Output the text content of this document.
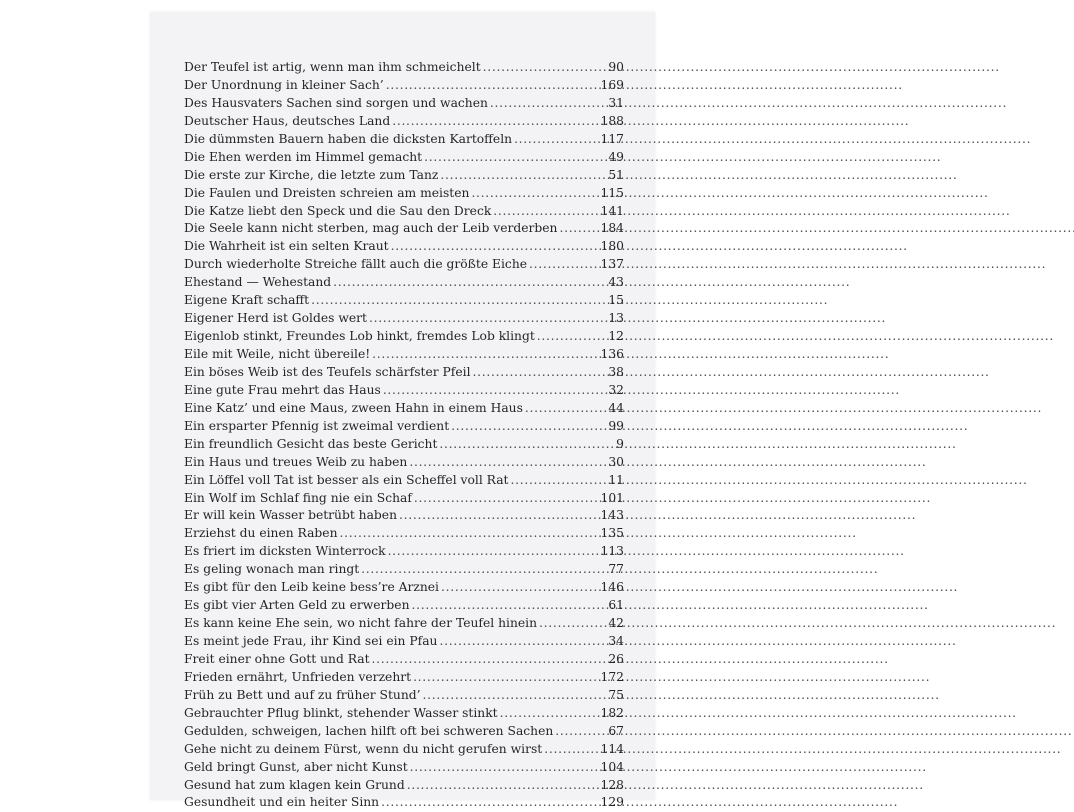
Der Teufel ist artig, wenn man ihm schmeichelt . . .	90
Der Unordnung in kleiner Sach’ . . .	169
Des Hausvaters Sachen sind sorgen und wachen . . .	31
Deutscher Haus, deutsches Land . . .	188
Die dümmsten Bauern haben die dicksten Kartoffeln . . .	117
Die Ehen werden im Himmel gemacht . . .	49
Die erste zur Kirche, die letzte zum Tanz . . .	51
Die Faulen und Dreisten schreien am meisten . . .	115
Die Katze liebt den Speck und die Sau den Dreck . . .	141
Die Seele kann nicht sterben, mag auch der Leib verderben . . .	184
Die Wahrheit ist ein selten Kraut . . .	180
Durch wiederholte Streiche fällt auch die größte Eiche . . .	137
Ehestand — Wehestand . . .	43
Eigene Kraft schafft . . .	15
Eigener Herd ist Goldes wert . . .	13
Eigenlob stinkt, Freundes Lob hinkt, fremdes Lob klingt . . .	12
Eile mit Weile, nicht übereile! . . .	136
Ein böses Weib ist des Teufels schärfster Pfeil . . .	38
Eine gute Frau mehrt das Haus . . .	32
Eine Katz’ und eine Maus, zween Hahn in einem Haus . . .	44
Ein ersparter Pfennig ist zweimal verdient . . .	99
Ein freundlich Gesicht das beste Gericht . . .	9
Ein Haus und treues Weib zu haben . . .	30
Ein Löffel voll Tat ist besser als ein Scheffel voll Rat . . .	11
Ein Wolf im Schlaf fing nie ein Schaf . . .	101
Er will kein Wasser betrübt haben . . .	143
Erziehst du einen Raben . . .	135
Es friert im dicksten Winterrock . . .	113
Es geling wonach man ringt . . .	77
Es gibt für den Leib keine bess’re Arznei . . .	146
Es gibt vier Arten Geld zu erwerben . . .	61
Es kann keine Ehe sein, wo nicht fahre der Teufel hinein . . .	42
Es meint jede Frau, ihr Kind sei ein Pfau . . .	34
Freit einer ohne Gott und Rat . . .	26
Frieden ernährt, Unfrieden verzehrt . . .	172
Früh zu Bett und auf zu früher Stund’ . . .	75
Gebrauchter Pflug blinkt, stehender Wasser stinkt . . .	182
Gedulden, schweigen, lachen hilft oft bei schweren Sachen . . .	67
Gehe nicht zu deinem Fürst, wenn du nicht gerufen wirst . . .	114
Geld bringt Gunst, aber nicht Kunst . . .	104
Gesund hat zum klagen kein Grund . . .	128
Gesundheit und ein heiter Sinn . . .	129
